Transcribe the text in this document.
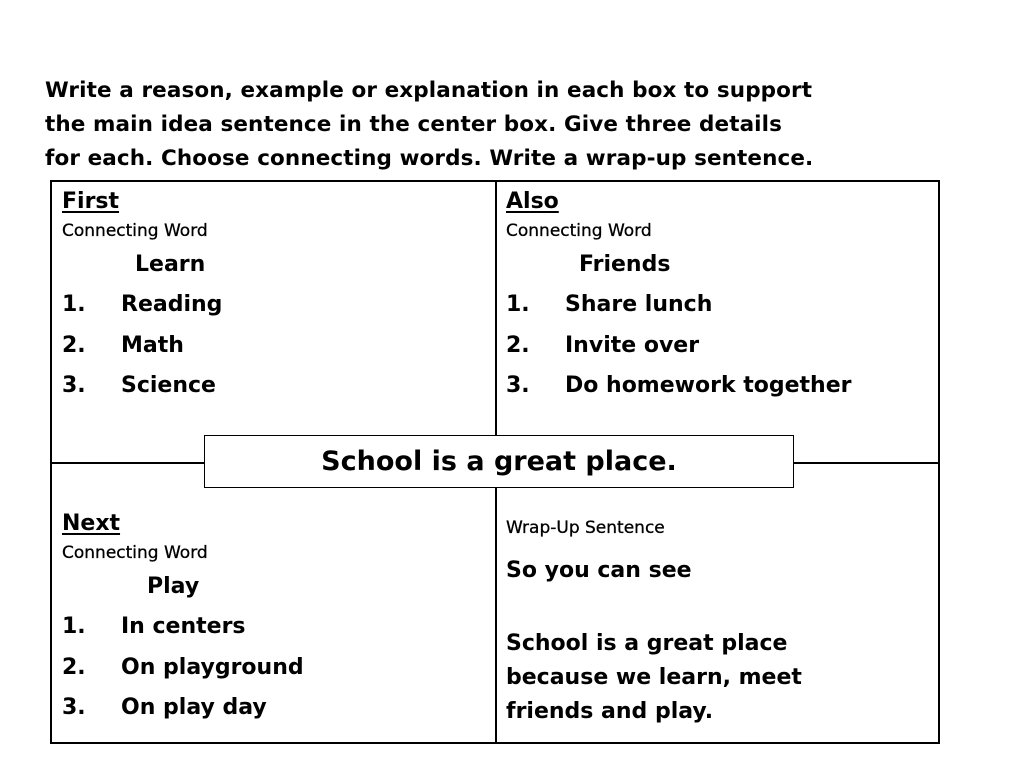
Write a reason, example or explanation in each box to support
the main idea sentence in the center box. Give three details
for each. Choose connecting words. Write a wrap-up sentence.
First
Connecting Word
Learn
1.	Reading
2.	Math
3.	Science
Also
Connecting Word
Friends
1.	Share lunch
2.	Invite over
3.	Do homework together
Next
Connecting Word
Play
1.	In centers
2.	On playground
3.	On play day
Wrap-Up Sentence
So you can see
School is a great place because we learn, meet friends and play.
School is a great place.
